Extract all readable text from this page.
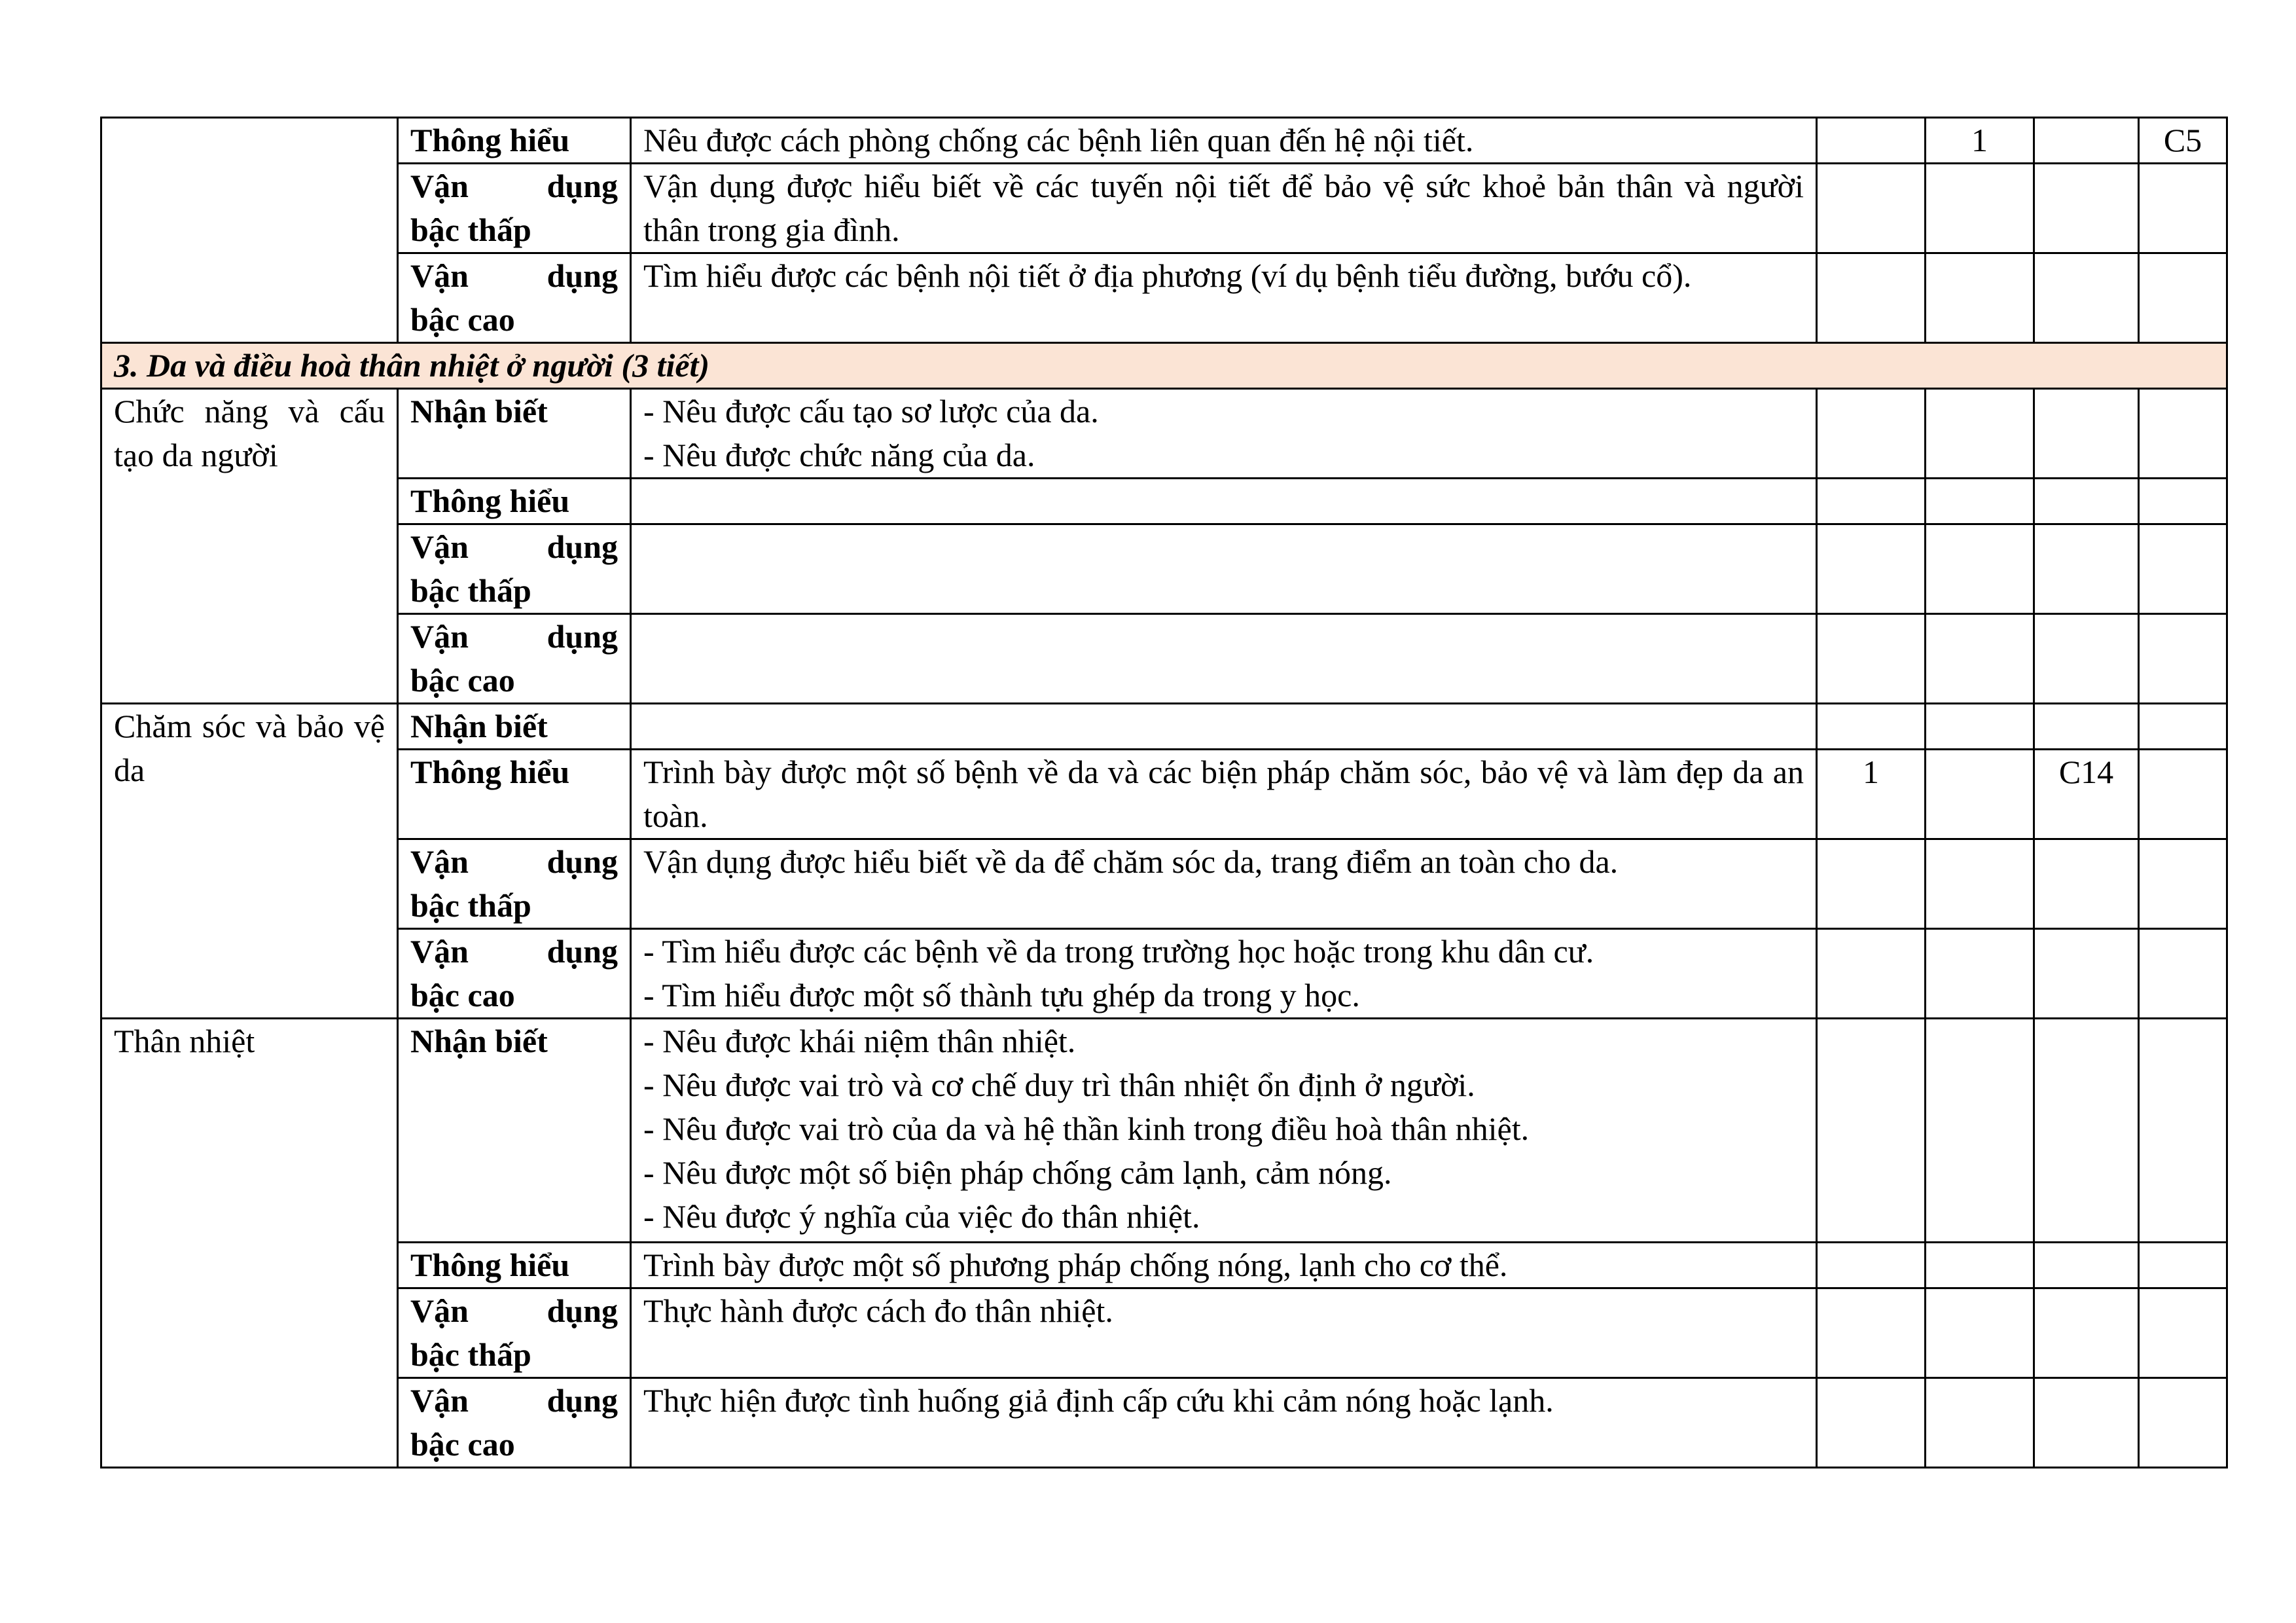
	Thông hiểu	Nêu được cách phòng chống các bệnh liên quan đến hệ nội tiết.		1		C5

	Vận dụng
bậc thấp	Vận dụng được hiểu biết về các tuyến nội tiết để bảo vệ sức khoẻ bản thân và người thân trong gia đình.				

	Vận dụng
bậc cao	Tìm hiểu được các bệnh nội tiết ở địa phương (ví dụ bệnh tiểu đường, bướu cổ).				
3. Da và điều hoà thân nhiệt ở người (3 tiết)						
Chức năng và cấu tạo da người	Nhận biết	- Nêu được cấu tạo sơ lược của da.
- Nêu được chức năng của da.				

	Thông hiểu					

	Vận dụng
bậc thấp					

	Vận dụng
bậc cao					

Chăm sóc và bảo vệ da	Nhận biết					
	Thông hiểu	Trình bày được một số bệnh về da và các biện pháp chăm sóc, bảo vệ và làm đẹp da an toàn.	1		C14	

	Vận dụng
bậc thấp	Vận dụng được hiểu biết về da để chăm sóc da, trang điểm an toàn cho da.				

	Vận dụng
bậc cao	- Tìm hiểu được các bệnh về da trong trường học hoặc trong khu dân cư.
- Tìm hiểu được một số thành tựu ghép da trong y học.				

Thân nhiệt	Nhận biết	- Nêu được khái niệm thân nhiệt.
- Nêu được vai trò và cơ chế duy trì thân nhiệt ổn định ở người.
- Nêu được vai trò của da và hệ thần kinh trong điều hoà thân nhiệt.
- Nêu được một số biện pháp chống cảm lạnh, cảm nóng.
- Nêu được ý nghĩa của việc đo thân nhiệt.				

	Thông hiểu	Trình bày được một số phương pháp chống nóng, lạnh cho cơ thể.				

	Vận dụng
bậc thấp	Thực hành được cách đo thân nhiệt.				

	Vận dụng
bậc cao	Thực hiện được tình huống giả định cấp cứu khi cảm nóng hoặc lạnh.				
